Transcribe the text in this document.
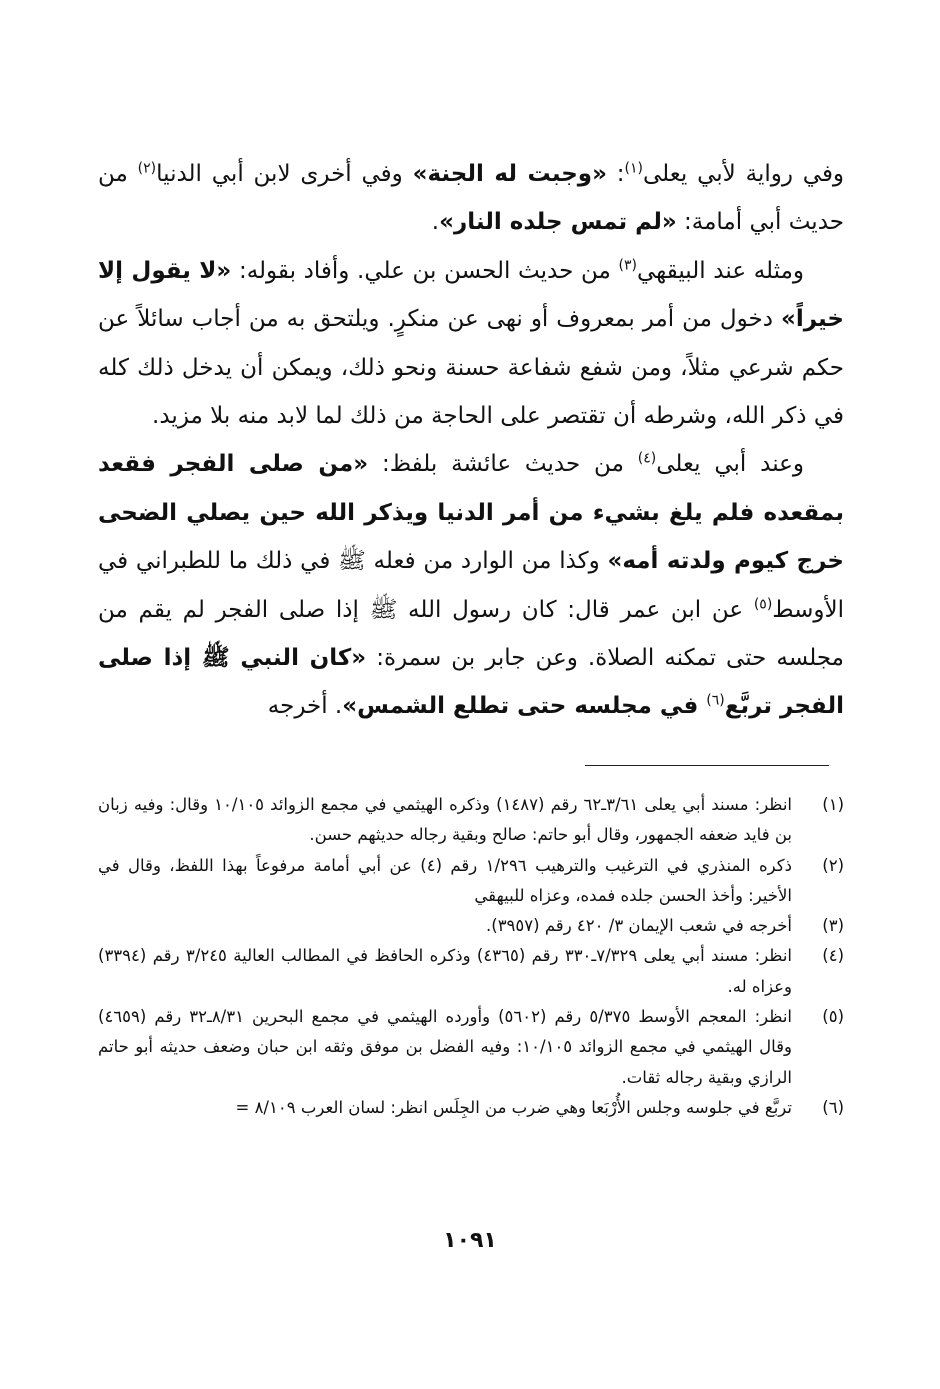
وفي رواية لأبي يعلى$^{(١)}$: «وجبت له الجنة» وفي أخرى لابن أبي الدنيا$^{(٢)}$ من حديث أبي أمامة: «لم تمس جلده النار».

ومثله عند البيقهي$^{(٣)}$ من حديث الحسن بن علي. وأفاد بقوله: «لا يقول إلا خيراً» دخول من أمر بمعروف أو نهى عن منكرٍ. ويلتحق به من أجاب سائلاً عن حكم شرعي مثلاً، ومن شفع شفاعة حسنة ونحو ذلك، ويمكن أن يدخل ذلك كله في ذكر الله، وشرطه أن تقتصر على الحاجة من ذلك لما لابد منه بلا مزيد.

وعند أبي يعلى$^{(٤)}$ من حديث عائشة بلفظ: «من صلى الفجر فقعد بمقعده فلم يلغ بشيء من أمر الدنيا ويذكر الله حين يصلي الضحى خرج كيوم ولدته أمه» وكذا من الوارد من فعله ﷺ في ذلك ما للطبراني في الأوسط$^{(٥)}$ عن ابن عمر قال: كان رسول الله ﷺ إذا صلى الفجر لم يقم من مجلسه حتى تمكنه الصلاة. وعن جابر بن سمرة: «كان النبي ﷺ إذا صلى الفجر تربَّع$^{(٦)}$ في مجلسه حتى تطلع الشمس». أخرجه

(١)
انظر: مسند أبي يعلى ٣/٦١ـ٦٢ رقم (١٤٨٧) وذكره الهيثمي في مجمع الزوائد ١٠/١٠٥ وقال: وفيه زبان بن فايد ضعفه الجمهور، وقال أبو حاتم: صالح وبقية رجاله حديثهم حسن.
(٢)
ذكره المنذري في الترغيب والترهيب ١/٢٩٦ رقم (٤) عن أبي أمامة مرفوعاً بهذا اللفظ، وقال في الأخير: وأخذ الحسن جلده فمده، وعزاه للبيهقي
(٣)
أخرجه في شعب الإيمان ٣/ ٤٢٠ رقم (٣٩٥٧).
(٤)
انظر: مسند أبي يعلى ٧/٣٢٩ـ٣٣٠ رقم (٤٣٦٥) وذكره الحافظ في المطالب العالية ٣/٢٤٥ رقم (٣٣٩٤) وعزاه له.
(٥)
انظر: المعجم الأوسط ٥/٣٧٥ رقم (٥٦٠٢) وأورده الهيثمي في مجمع البحرين ٨/٣١ـ٣٢ رقم (٤٦٥٩) وقال الهيثمي في مجمع الزوائد ١٠/١٠٥: وفيه الفضل بن موفق وثقه ابن حبان وضعف حديثه أبو حاتم الرازي وبقية رجاله ثقات.
(٦)
تربَّع في جلوسه وجلس الأُرْبَعا وهي ضرب من الجِلَس انظر: لسان العرب ٨/١٠٩ =
١٠٩١
